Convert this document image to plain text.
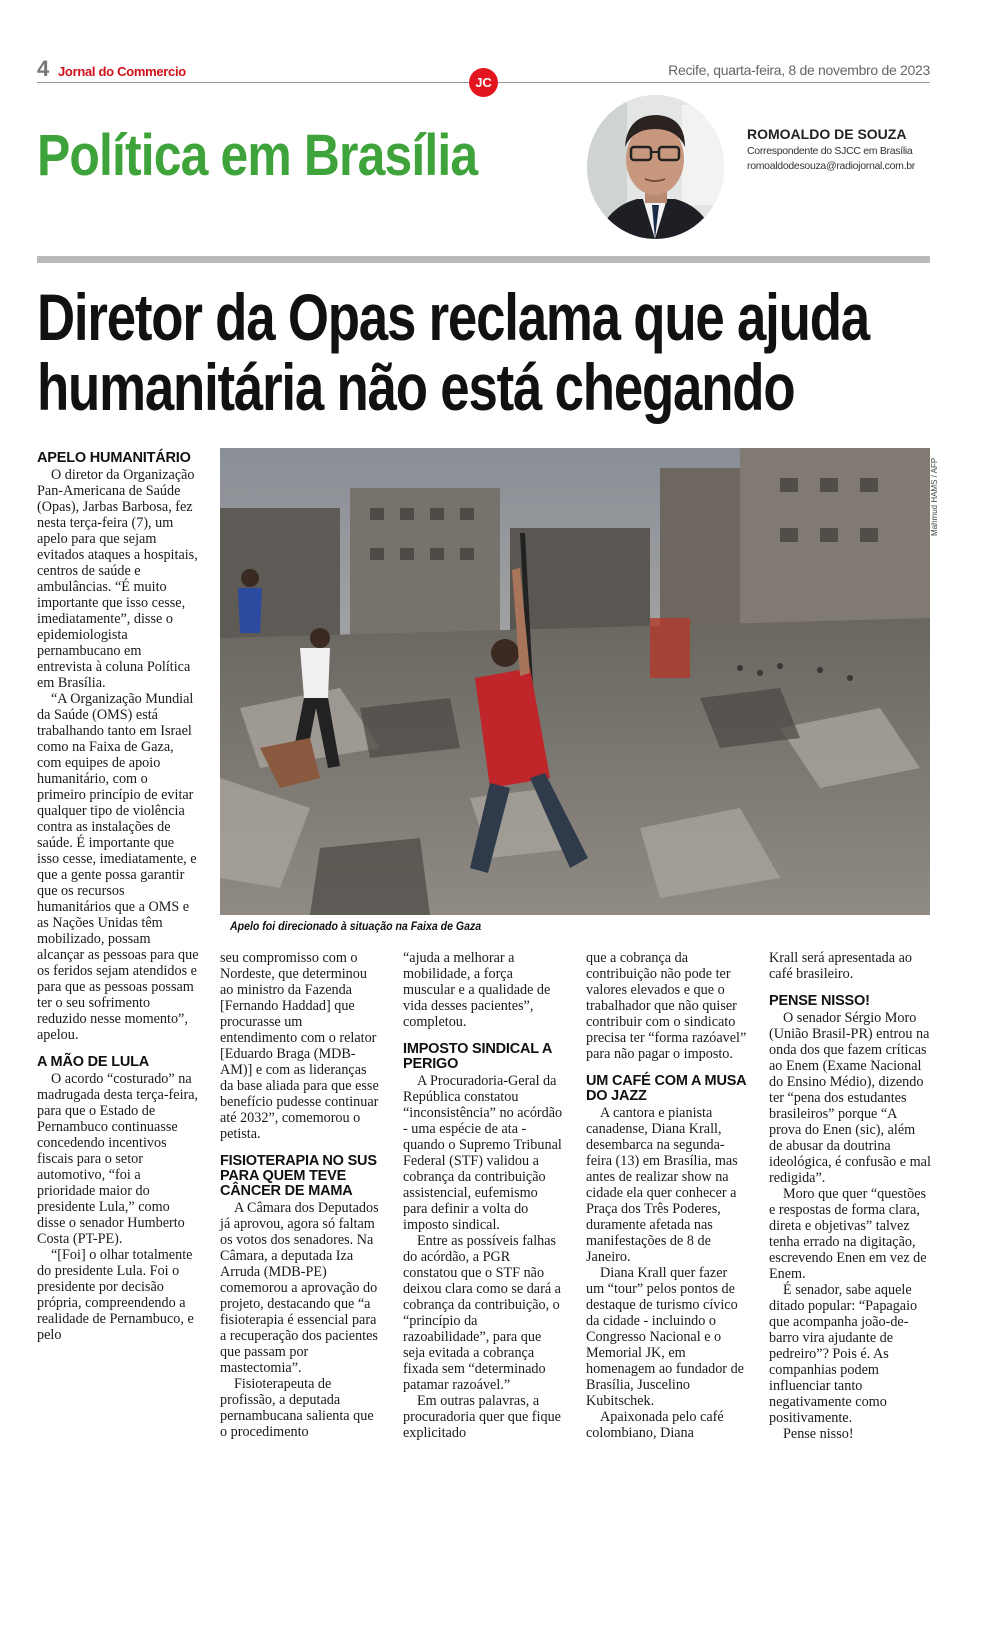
4 Jornal do Commercio	Recife, quarta-feira, 8 de novembro de 2023
JC
Política em Brasília	ROMOALDO DE SOUZA
Correspondente do SJCC em Brasília
romoaldodesouza@radiojornal.com.br
Diretor da Opas reclama que ajuda
humanitária não está chegando
Mahmud HAMS / AFP
Apelo foi direcionado à situação na Faixa de Gaza
APELO HUMANITÁRIO

O diretor da Organização Pan-Americana de Saúde (Opas), Jarbas Barbosa, fez nesta terça-feira (7), um apelo para que sejam evitados ataques a hospitais, centros de saúde e ambulâncias. “É muito importante que isso cesse, imediatamente”, disse o epidemiologista pernambucano em entrevista à coluna Política em Brasília.

“A Organização Mundial da Saúde (OMS) está trabalhando tanto em Israel como na Faixa de Gaza, com equipes de apoio humanitário, com o primeiro princípio de evitar qualquer tipo de violência contra as instalações de saúde. É importante que isso cesse, imediatamente, e que a gente possa garantir que os recursos humanitários que a OMS e as Nações Unidas têm mobilizado, possam alcançar as pessoas para que os feridos sejam atendidos e para que as pessoas possam ter o seu sofrimento reduzido nesse momento”, apelou.

A MÃO DE LULA

O acordo “costurado” na madrugada desta terça-feira, para que o Estado de Pernambuco continuasse concedendo incentivos fiscais para o setor automotivo, “foi a prioridade maior do presidente Lula,” como disse o senador Humberto Costa (PT-PE).

“[Foi] o olhar totalmente do presidente Lula. Foi o presidente por decisão própria, compreendendo a realidade de Pernambuco, e pelo

seu compromisso com o Nordeste, que determinou ao ministro da Fazenda [Fernando Haddad] que procurasse um entendimento com o relator [Eduardo Braga (MDB-AM)] e com as lideranças da base aliada para que esse benefício pudesse continuar até 2032”, comemorou o petista.

FISIOTERAPIA NO SUS PARA QUEM TEVE CÂNCER DE MAMA

A Câmara dos Deputados já aprovou, agora só faltam os votos dos senadores. Na Câmara, a deputada Iza Arruda (MDB-PE) comemorou a aprovação do projeto, destacando que “a fisioterapia é essencial para a recuperação dos pacientes que passam por mastectomia”.

Fisioterapeuta de profissão, a deputada pernambucana salienta que o procedimento

“ajuda a melhorar a mobilidade, a força muscular e a qualidade de vida desses pacientes”, completou.

IMPOSTO SINDICAL A PERIGO

A Procuradoria-Geral da República constatou “inconsistência” no acórdão - uma espécie de ata - quando o Supremo Tribunal Federal (STF) validou a cobrança da contribuição assistencial, eufemismo para definir a volta do imposto sindical.

Entre as possíveis falhas do acórdão, a PGR constatou que o STF não deixou clara como se dará a cobrança da contribuição, o “princípio da razoabilidade”, para que seja evitada a cobrança fixada sem “determinado patamar razoável.”

Em outras palavras, a procuradoria quer que fique explicitado

que a cobrança da contribuição não pode ter valores elevados e que o trabalhador que não quiser contribuir com o sindicato precisa ter “forma razóavel” para não pagar o imposto.

UM CAFÉ COM A MUSA DO JAZZ

A cantora e pianista canadense, Diana Krall, desembarca na segunda-feira (13) em Brasília, mas antes de realizar show na cidade ela quer conhecer a Praça dos Três Poderes, duramente afetada nas manifestações de 8 de Janeiro.

Diana Krall quer fazer um “tour” pelos pontos de destaque de turismo cívico da cidade - incluindo o Congresso Nacional e o Memorial JK, em homenagem ao fundador de Brasília, Juscelino Kubitschek.

Apaixonada pelo café colombiano, Diana

Krall será apresentada ao café brasileiro.

PENSE NISSO!

O senador Sérgio Moro (União Brasil-PR) entrou na onda dos que fazem críticas ao Enem (Exame Nacional do Ensino Médio), dizendo ter “pena dos estudantes brasileiros” porque “A prova do Enen (sic), além de abusar da doutrina ideológica, é confusão e mal redigida”.

Moro que quer “questões e respostas de forma clara, direta e objetivas” talvez tenha errado na digitação, escrevendo Enen em vez de Enem.

É senador, sabe aquele ditado popular: “Papagaio que acompanha joão-de-barro vira ajudante de pedreiro”? Pois é. As companhias podem influenciar tanto negativamente como positivamente.

Pense nisso!
